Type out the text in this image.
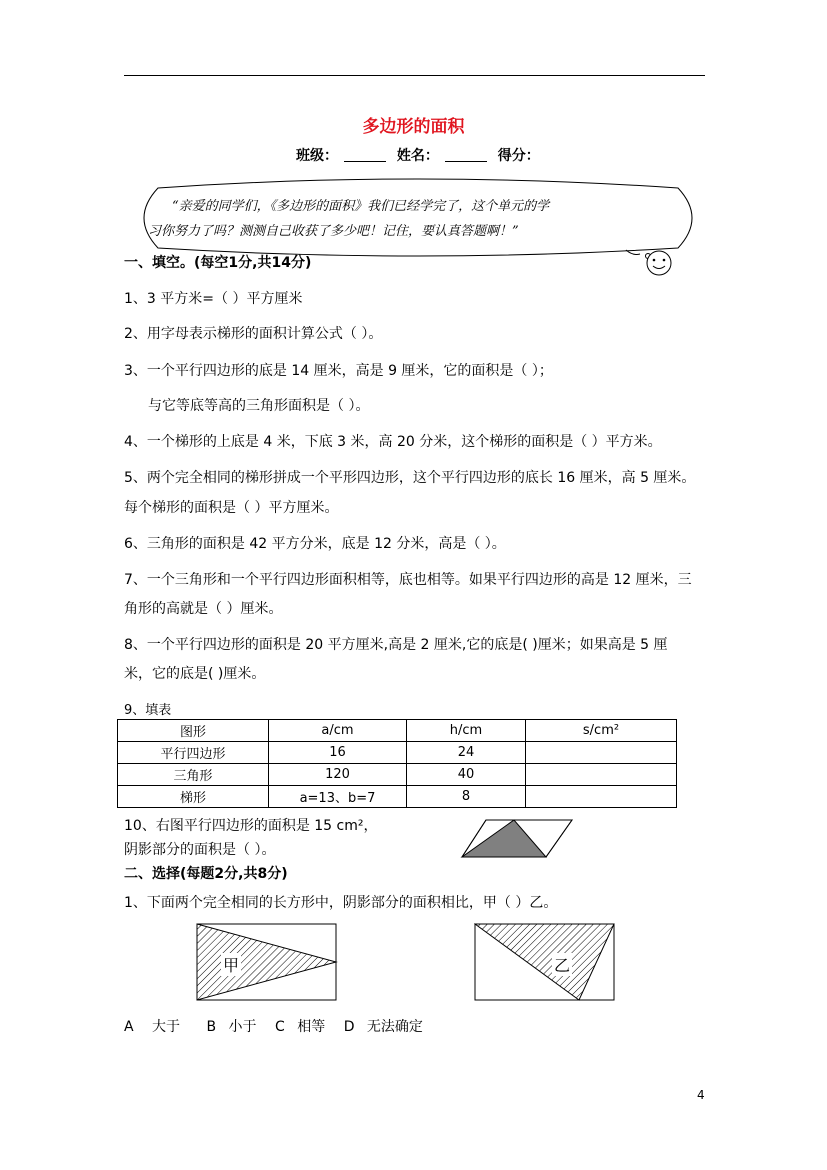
多边形的面积
班级：	姓名：	得分：
“亲爱的同学们，《多边形的面积》我们已经学完了，这个单元的学
习你努力了吗？测测自己收获了多少吧！记住，要认真答题啊！”
一、填空。(每空1分,共14分)
1、3 平方米=（ ）平方厘米
2、用字母表示梯形的面积计算公式（ ）。
3、一个平行四边形的底是 14 厘米，高是 9 厘米，它的面积是（ ）；
与它等底等高的三角形面积是（ ）。
4、一个梯形的上底是 4 米，下底 3 米，高 20 分米，这个梯形的面积是（ ）平方米。
5、两个完全相同的梯形拼成一个平形四边形，这个平行四边形的底长 16 厘米，高 5 厘米。
每个梯形的面积是（ ）平方厘米。
6、三角形的面积是 42 平方分米，底是 12 分米，高是（ ）。
7、一个三角形和一个平行四边形面积相等，底也相等。如果平行四边形的高是 12 厘米，三
角形的高就是（ ）厘米。
8、一个平行四边形的面积是 20 平方厘米,高是 2 厘米,它的底是( )厘米；如果高是 5 厘
米，它的底是( )厘米。
9、填表
图形	a/cm	h/cm	s/cm²
平行四边形	16	24	
三角形	120	40	
梯形	a=13、b=7	8	
10、右图平行四边形的面积是 15 cm²，
阴影部分的面积是（ ）。
二、选择(每题2分,共8分)
1、下面两个完全相同的长方形中，阴影部分的面积相比，甲（ ）乙。
甲	乙
A 大于 B 小于 C 相等 D 无法确定
4
